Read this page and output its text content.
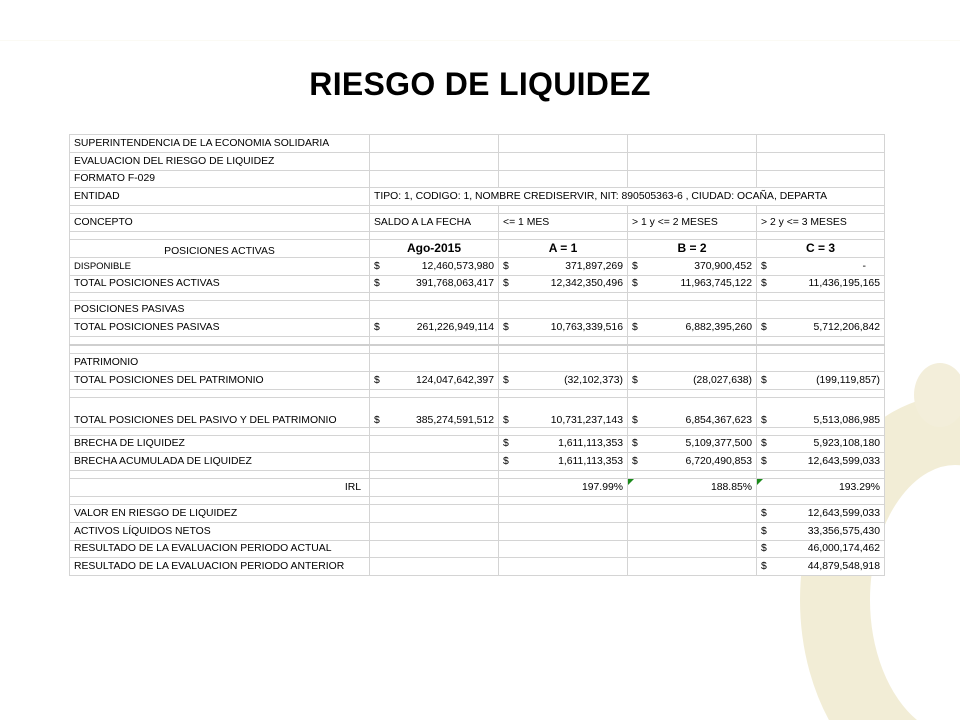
RIESGO DE LIQUIDEZ
SUPERINTENDENCIA DE LA ECONOMIA SOLIDARIA				
EVALUACION DEL RIESGO DE LIQUIDEZ				
FORMATO F-029				
ENTIDAD	TIPO: 1, CODIGO: 1, NOMBRE CREDISERVIR, NIT: 890505363-6 , CIUDAD: OCAÑA, DEPARTA			

CONCEPTO	SALDO A LA FECHA	<= 1 MES	> 1 y <= 2 MESES	> 2 y <= 3 MESES

POSICIONES ACTIVAS	Ago-2015	A = 1	B = 2	C = 3
DISPONIBLE	$ 12,460,573,980	$ 371,897,269	$ 370,900,452	$ -

TOTAL POSICIONES ACTIVAS	$ 391,768,063,417	$ 12,342,350,496	$ 11,963,745,122	$ 11,436,195,165

POSICIONES PASIVAS				
TOTAL POSICIONES PASIVAS	$ 261,226,949,114	$ 10,763,339,516	$ 6,882,395,260	$ 5,712,206,842

PATRIMONIO				
TOTAL POSICIONES DEL PATRIMONIO	$ 124,047,642,397	$ (32,102,373)	$ (28,027,638)	$ (199,119,857)

TOTAL POSICIONES DEL PASIVO Y DEL PATRIMONIO	$ 385,274,591,512	$ 10,731,237,143	$ 6,854,367,623	$ 5,513,086,985

BRECHA DE LIQUIDEZ		$ 1,611,113,353	$ 5,109,377,500	$ 5,923,108,180

BRECHA ACUMULADA DE LIQUIDEZ		$ 1,611,113,353	$ 6,720,490,853	$ 12,643,599,033

IRL		197.99%	188.85%	193.29%

VALOR EN RIESGO DE LIQUIDEZ				$ 12,643,599,033

ACTIVOS LÍQUIDOS NETOS				$ 33,356,575,430

RESULTADO DE LA EVALUACION PERIODO ACTUAL				$ 46,000,174,462

RESULTADO DE LA EVALUACION PERIODO ANTERIOR				$ 44,879,548,918
